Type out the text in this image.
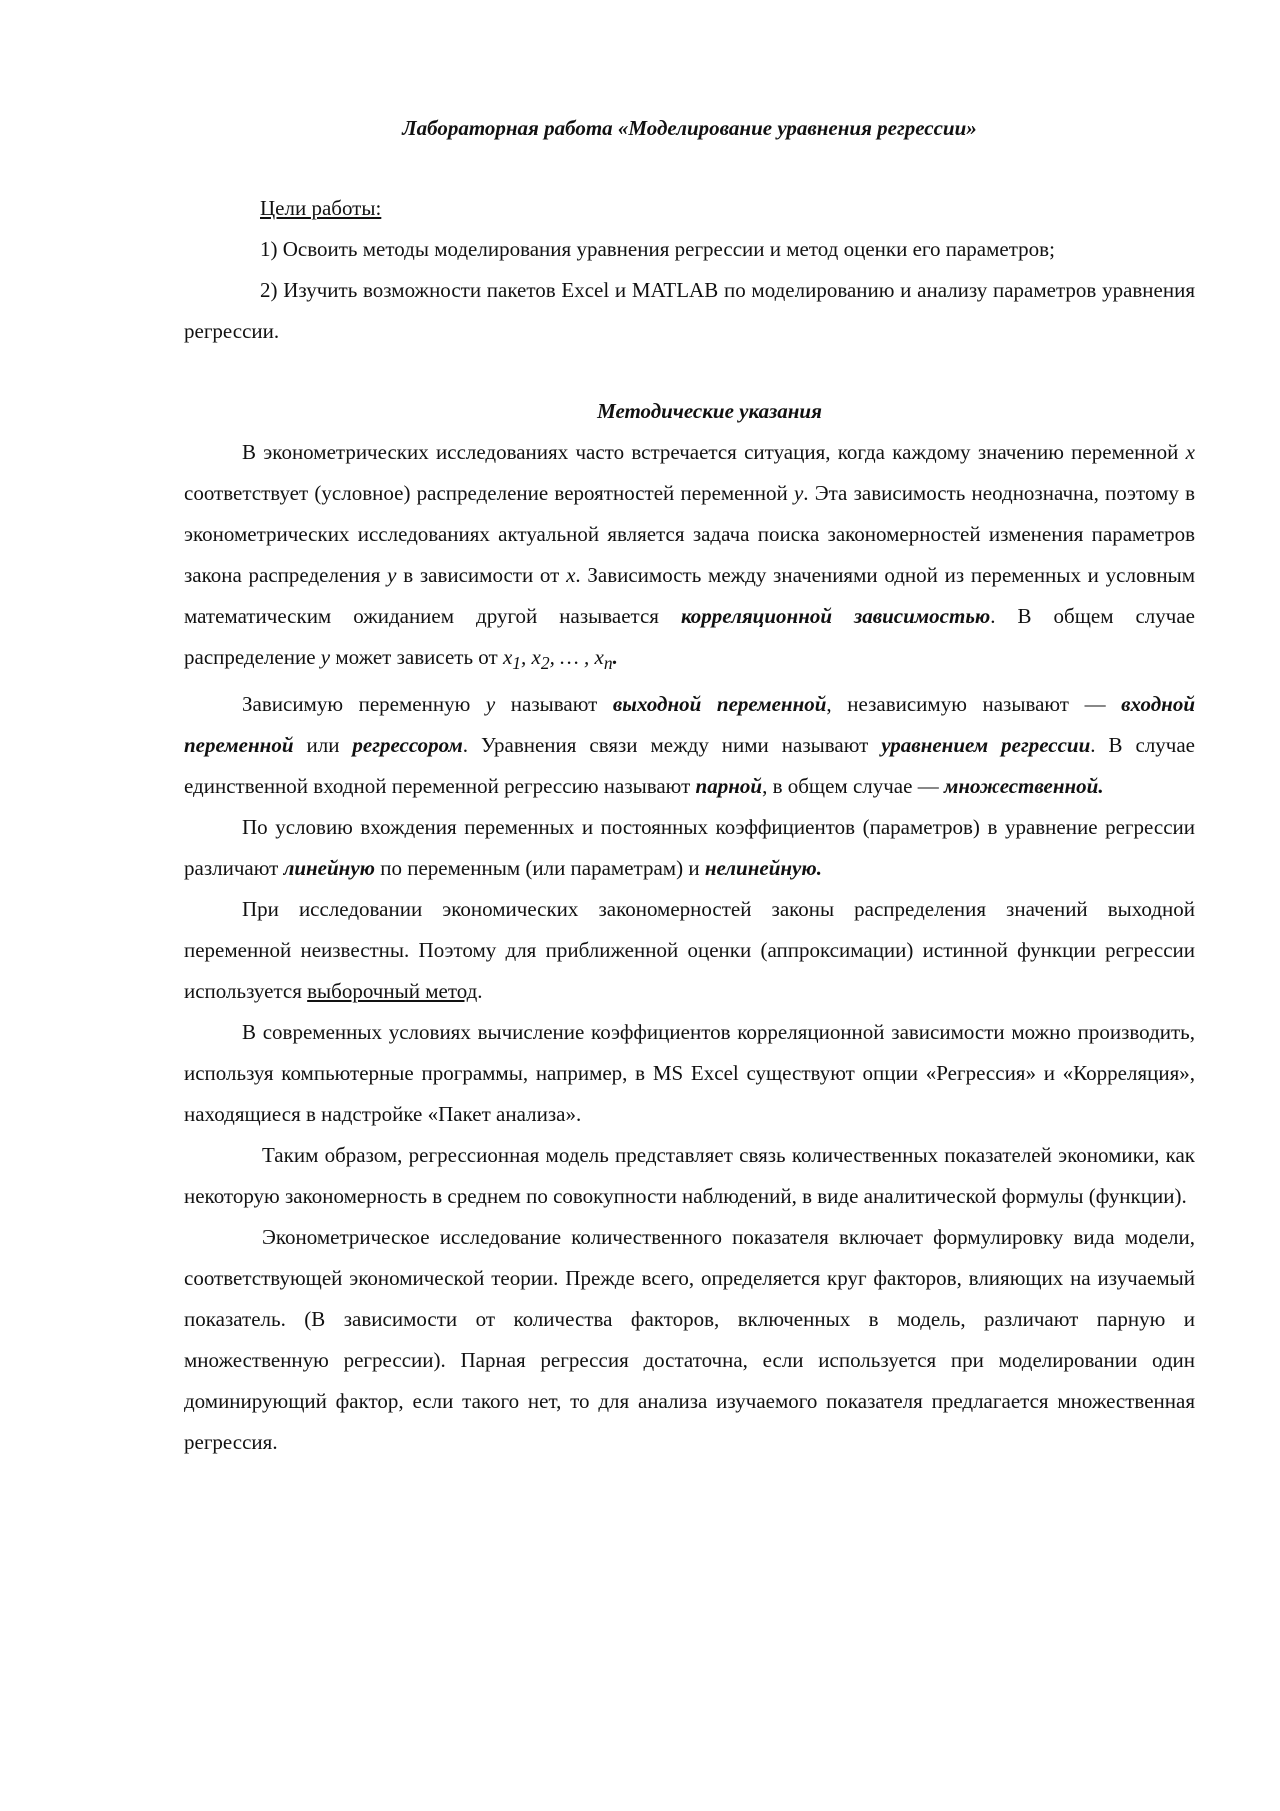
Лабораторная работа «Моделирование уравнения регрессии»

Цели работы:

1) Освоить методы моделирования уравнения регрессии и метод оценки его параметров;

2) Изучить возможности пакетов Excel и MATLAB по моделированию и анализу параметров уравнения регрессии.

Методические указания

В эконометрических исследованиях часто встречается ситуация, когда каждому значению переменной x соответствует (условное) распределение вероятностей переменной y. Эта зависимость неоднозначна, поэтому в эконометрических исследованиях актуальной является задача поиска закономерностей изменения параметров закона распределения y в зависимости от x. Зависимость между значениями одной из переменных и условным математическим ожиданием другой называется корреляционной зависимостью. В общем случае распределение y может зависеть от $x_1$, $x_2$, … , $x_n$.

Зависимую переменную y называют выходной переменной, независимую называют — входной переменной или регрессором. Уравнения связи между ними называют уравнением регрессии. В случае единственной входной переменной регрессию называют парной, в общем случае — множественной.

По условию вхождения переменных и постоянных коэффициентов (параметров) в уравнение регрессии различают линейную по переменным (или параметрам) и нелинейную.

При исследовании экономических закономерностей законы распределения значений выходной переменной неизвестны. Поэтому для приближенной оценки (аппроксимации) истинной функции регрессии используется выборочный метод.

В современных условиях вычисление коэффициентов корреляционной зависимости можно производить, используя компьютерные программы, например, в MS Excel существуют опции «Регрессия» и «Корреляция», находящиеся в надстройке «Пакет анализа».

Таким образом, регрессионная модель представляет связь количественных показателей экономики, как некоторую закономерность в среднем по совокупности наблюдений, в виде аналитической формулы (функции).

Эконометрическое исследование количественного показателя включает формулировку вида модели, соответствующей экономической теории. Прежде всего, определяется круг факторов, влияющих на изучаемый показатель. (В зависимости от количества факторов, включенных в модель, различают парную и множественную регрессии). Парная регрессия достаточна, если используется при моделировании один доминирующий фактор, если такого нет, то для анализа изучаемого показателя предлагается множественная регрессия.
